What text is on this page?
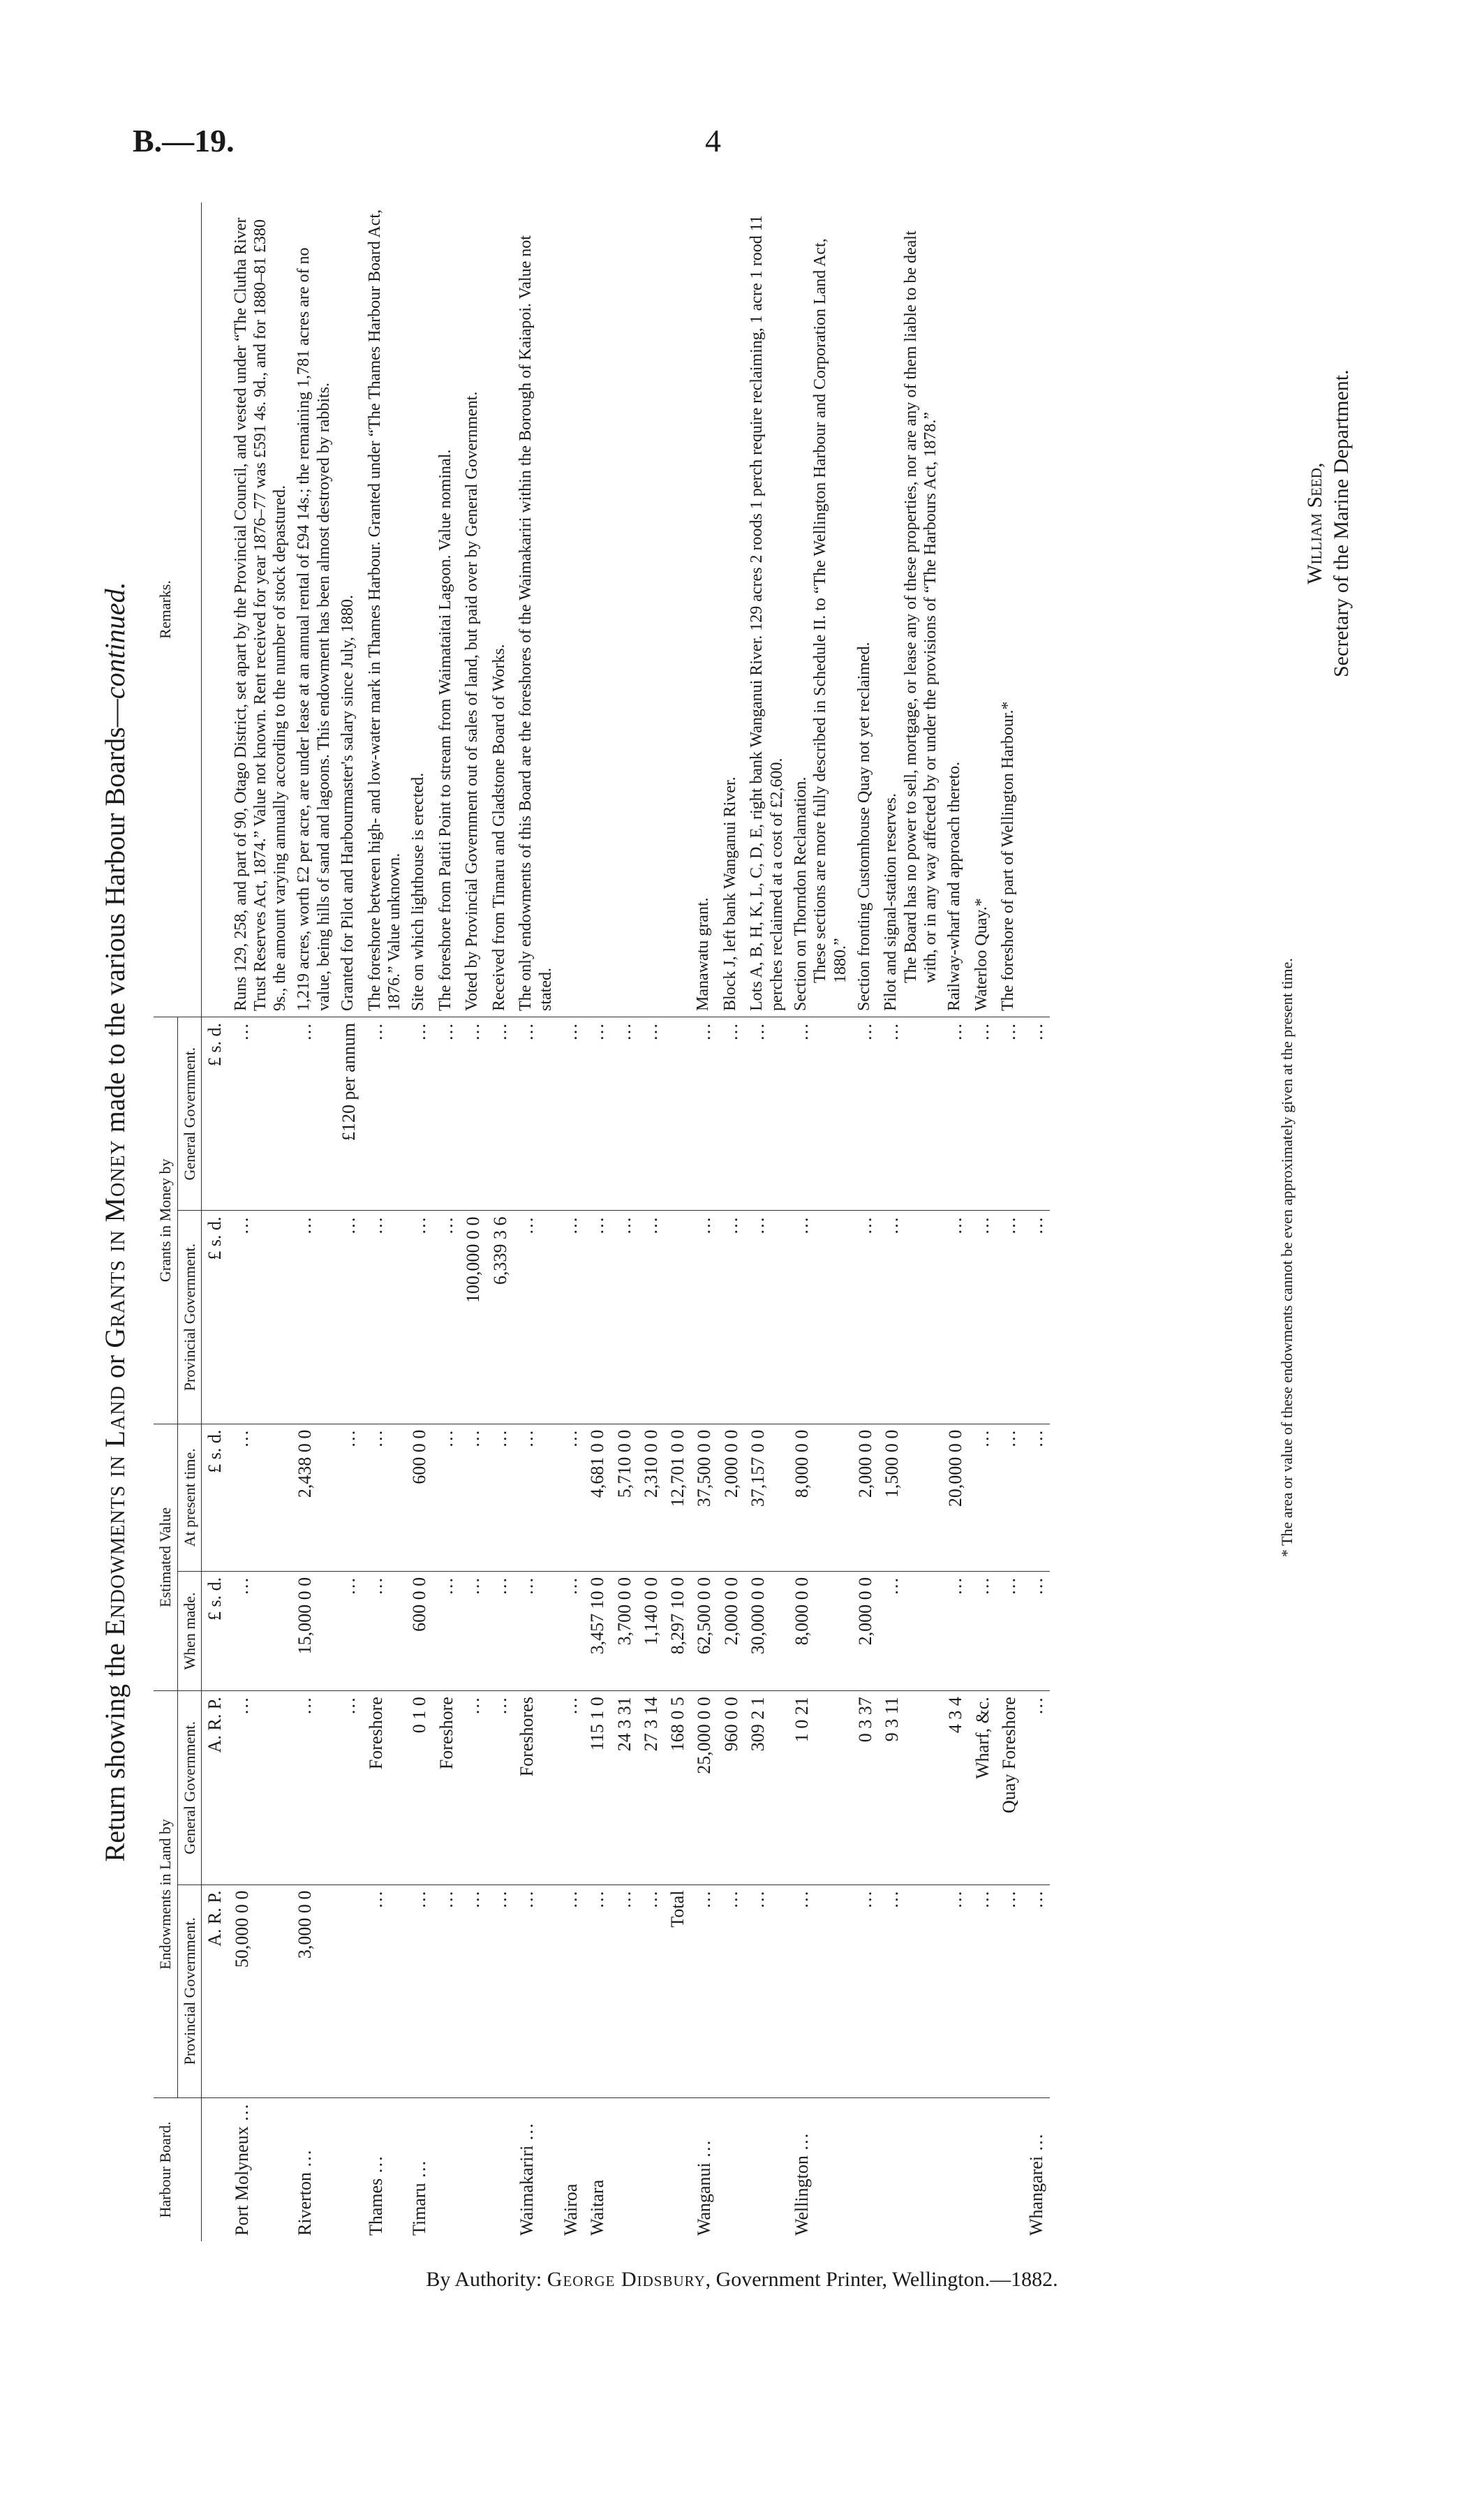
B.—19.	4
Return showing the Endowments in Land or Grants in Money made to the various Harbour Boards—continued.
Harbour Board.	Endowments in Land by		Estimated Value		Grants in Money by		Remarks.
	Provincial Government.	General Government.	When made.	At present time.	Provincial Government.	General Government.	
	A. R. P.	A. R. P.	£ s. d.	£ s. d.	£ s. d.	£ s. d.	
Port Molyneux …	50,000 0 0	…	…	…	…	…	Runs 129, 258, and part of 90, Otago District, set apart by the Provincial Council, and vested under “The Clutha River Trust Reserves Act, 1874.” Value not known. Rent received for year 1876–77 was £591 4s. 9d., and for 1880–81 £380 9s., the amount varying annually according to the number of stock depastured.
Riverton …	3,000 0 0	…	15,000 0 0	2,438 0 0	…	…	1,219 acres, worth £2 per acre, are under lease at an annual rental of £94 14s.; the remaining 1,781 acres are of no value, being hills of sand and lagoons. This endowment has been almost destroyed by rabbits.
		…	…	…	…	£120 per annum	Granted for Pilot and Harbourmaster's salary since July, 1880.
Thames …	…	Foreshore	…	…	…	…	The foreshore between high- and low-water mark in Thames Harbour. Granted under “The Thames Harbour Board Act, 1876.” Value unknown.
Timaru …	…	0 1 0	600 0 0	600 0 0	…	…	Site on which lighthouse is erected.
	…	Foreshore	…	…	…	…	The foreshore from Patiti Point to stream from Waimataitai Lagoon. Value nominal.
	…	…	…	…	100,000 0 0	…	Voted by Provincial Government out of sales of land, but paid over by General Government.
	…	…	…	…	6,339 3 6	…	Received from Timaru and Gladstone Board of Works.
Waimakariri …	…	Foreshores	…	…	…	…	The only endowments of this Board are the foreshores of the Waimakariri within the Borough of Kaiapoi. Value not stated.
Wairoa	…	…	…	…	…	…	
Waitara	…	115 1 0	3,457 10 0	4,681 0 0	…	…	
	…	24 3 31	3,700 0 0	5,710 0 0	…	…	
	…	27 3 14	1,140 0 0	2,310 0 0	…	…	
	Total	168 0 5	8,297 10 0	12,701 0 0			
Wanganui …	…	25,000 0 0	62,500 0 0	37,500 0 0	…	…	Manawatu grant.
	…	960 0 0	2,000 0 0	2,000 0 0	…	…	Block J, left bank Wanganui River.
	…	309 2 1	30,000 0 0	37,157 0 0	…	…	Lots A, B, H, K, L, C, D, E, right bank Wanganui River. 129 acres 2 roods 1 perch require reclaiming, 1 acre 1 rood 11 perches reclaimed at a cost of £2,600.
Wellington …	…	1 0 21	8,000 0 0	8,000 0 0	…	…	Section on Thorndon Reclamation. These sections are more fully described in Schedule II. to “The Wellington Harbour and Corporation Land Act, 1880.”

	…	0 3 37	2,000 0 0	2,000 0 0	…	…	Section fronting Customhouse Quay not yet reclaimed.
	…	9 3 11	…	1,500 0 0	…	…	Pilot and signal-station reserves. The Board has no power to sell, mortgage, or lease any of these properties, nor are any of them liable to be dealt with, or in any way affected by or under the provisions of “The Harbours Act, 1878.”

	…	4 3 4	…	20,000 0 0	…	…	Railway-wharf and approach thereto.
	…	Wharf, &c.	…	…	…	…	Waterloo Quay.*
	…	Quay Foreshore	…	…	…	…	The foreshore of part of Wellington Harbour.*
Whangarei …	…	…	…	…	…	…		* The area or value of these endowments cannot be even approximately given at the present time.
William Seed, Secretary of the Marine Department.
By Authority: George Didsbury, Government Printer, Wellington.—1882.
